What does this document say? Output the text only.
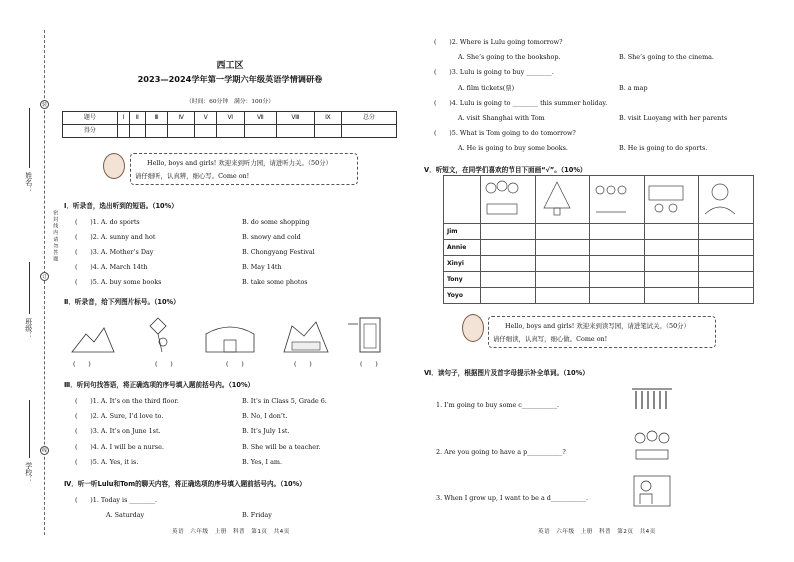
装
订
线
密 封 线 内 请 勿 答 题
姓名：
班级：
学校：
西工区
2023—2024学年第一学期六年级英语学情调研卷
（时间：60分钟　满分：100分）
题号	Ⅰ	Ⅱ	Ⅲ	Ⅳ	Ⅴ	Ⅵ	Ⅶ	Ⅷ	Ⅸ	总分
得分										
Hello, boys and girls! 欢迎来到听力园，请进听力关。（50分）
请仔细听，认真辨，细心写。Come on!
Ⅰ．听录音，选出听到的短语。（10%）
(　　)1. A. do sports	B. do some shopping
(　　)2. A. sunny and hot	B. snowy and cold
(　　)3. A. Mother’s Day	B. Chongyang Festival
(　　)4. A. March 14th	B. May 14th
(　　)5. A. buy some books	B. take some photos
Ⅱ．听录音，给下列图片标号。（10%）
(　　)	(　　)	(　　)	(　　)	(　　)
Ⅲ．听问句找答语，将正确选项的序号填入题前括号内。（10%）
(　　)1. A. It’s on the third floor.	B. It’s in Class 5, Grade 6.
(　　)2. A. Sure, I’d love to.	B. No, I don’t.
(　　)3. A. It’s on June 1st.	B. It’s July 1st.
(　　)4. A. I will be a nurse.	B. She will be a teacher.
(　　)5. A. Yes, it is.	B. Yes, I am.
Ⅳ．听一听Lulu和Tom的聊天内容，将正确选项的序号填入题前括号内。（10%）
(　　)1. Today is ________.
A. Saturday	B. Friday
英语　六年级　上册　科普　第1页　共4页
(　　)2. Where is Lulu going tomorrow?
A. She’s going to the bookshop.	B. She’s going to the cinema.
(　　)3. Lulu is going to buy ________.
A. film tickets(票)	B. a map
(　　)4. Lulu is going to ________ this summer holiday.
A. visit Shanghai with Tom	B. visit Luoyang with her parents
(　　)5. What is Tom going to do tomorrow?
A. He is going to buy some books.	B. He is going to do sports.
Ⅴ．听短文，在同学们喜欢的节目下面画“√”。（10%）

Jim					
Annie					
Xinyi					
Tony					
Yoyo					
Hello, boys and girls! 欢迎来到读写园，请进笔试关。（50分）
请仔细读，认真写，细心做。Come on!
Ⅵ．读句子，根据图片及首字母提示补全单词。（10%）
1. I’m going to buy some c___________.
2. Are you going to have a p___________?
3. When I grow up, I want to be a d___________.
英语　六年级　上册　科普　第2页　共4页
